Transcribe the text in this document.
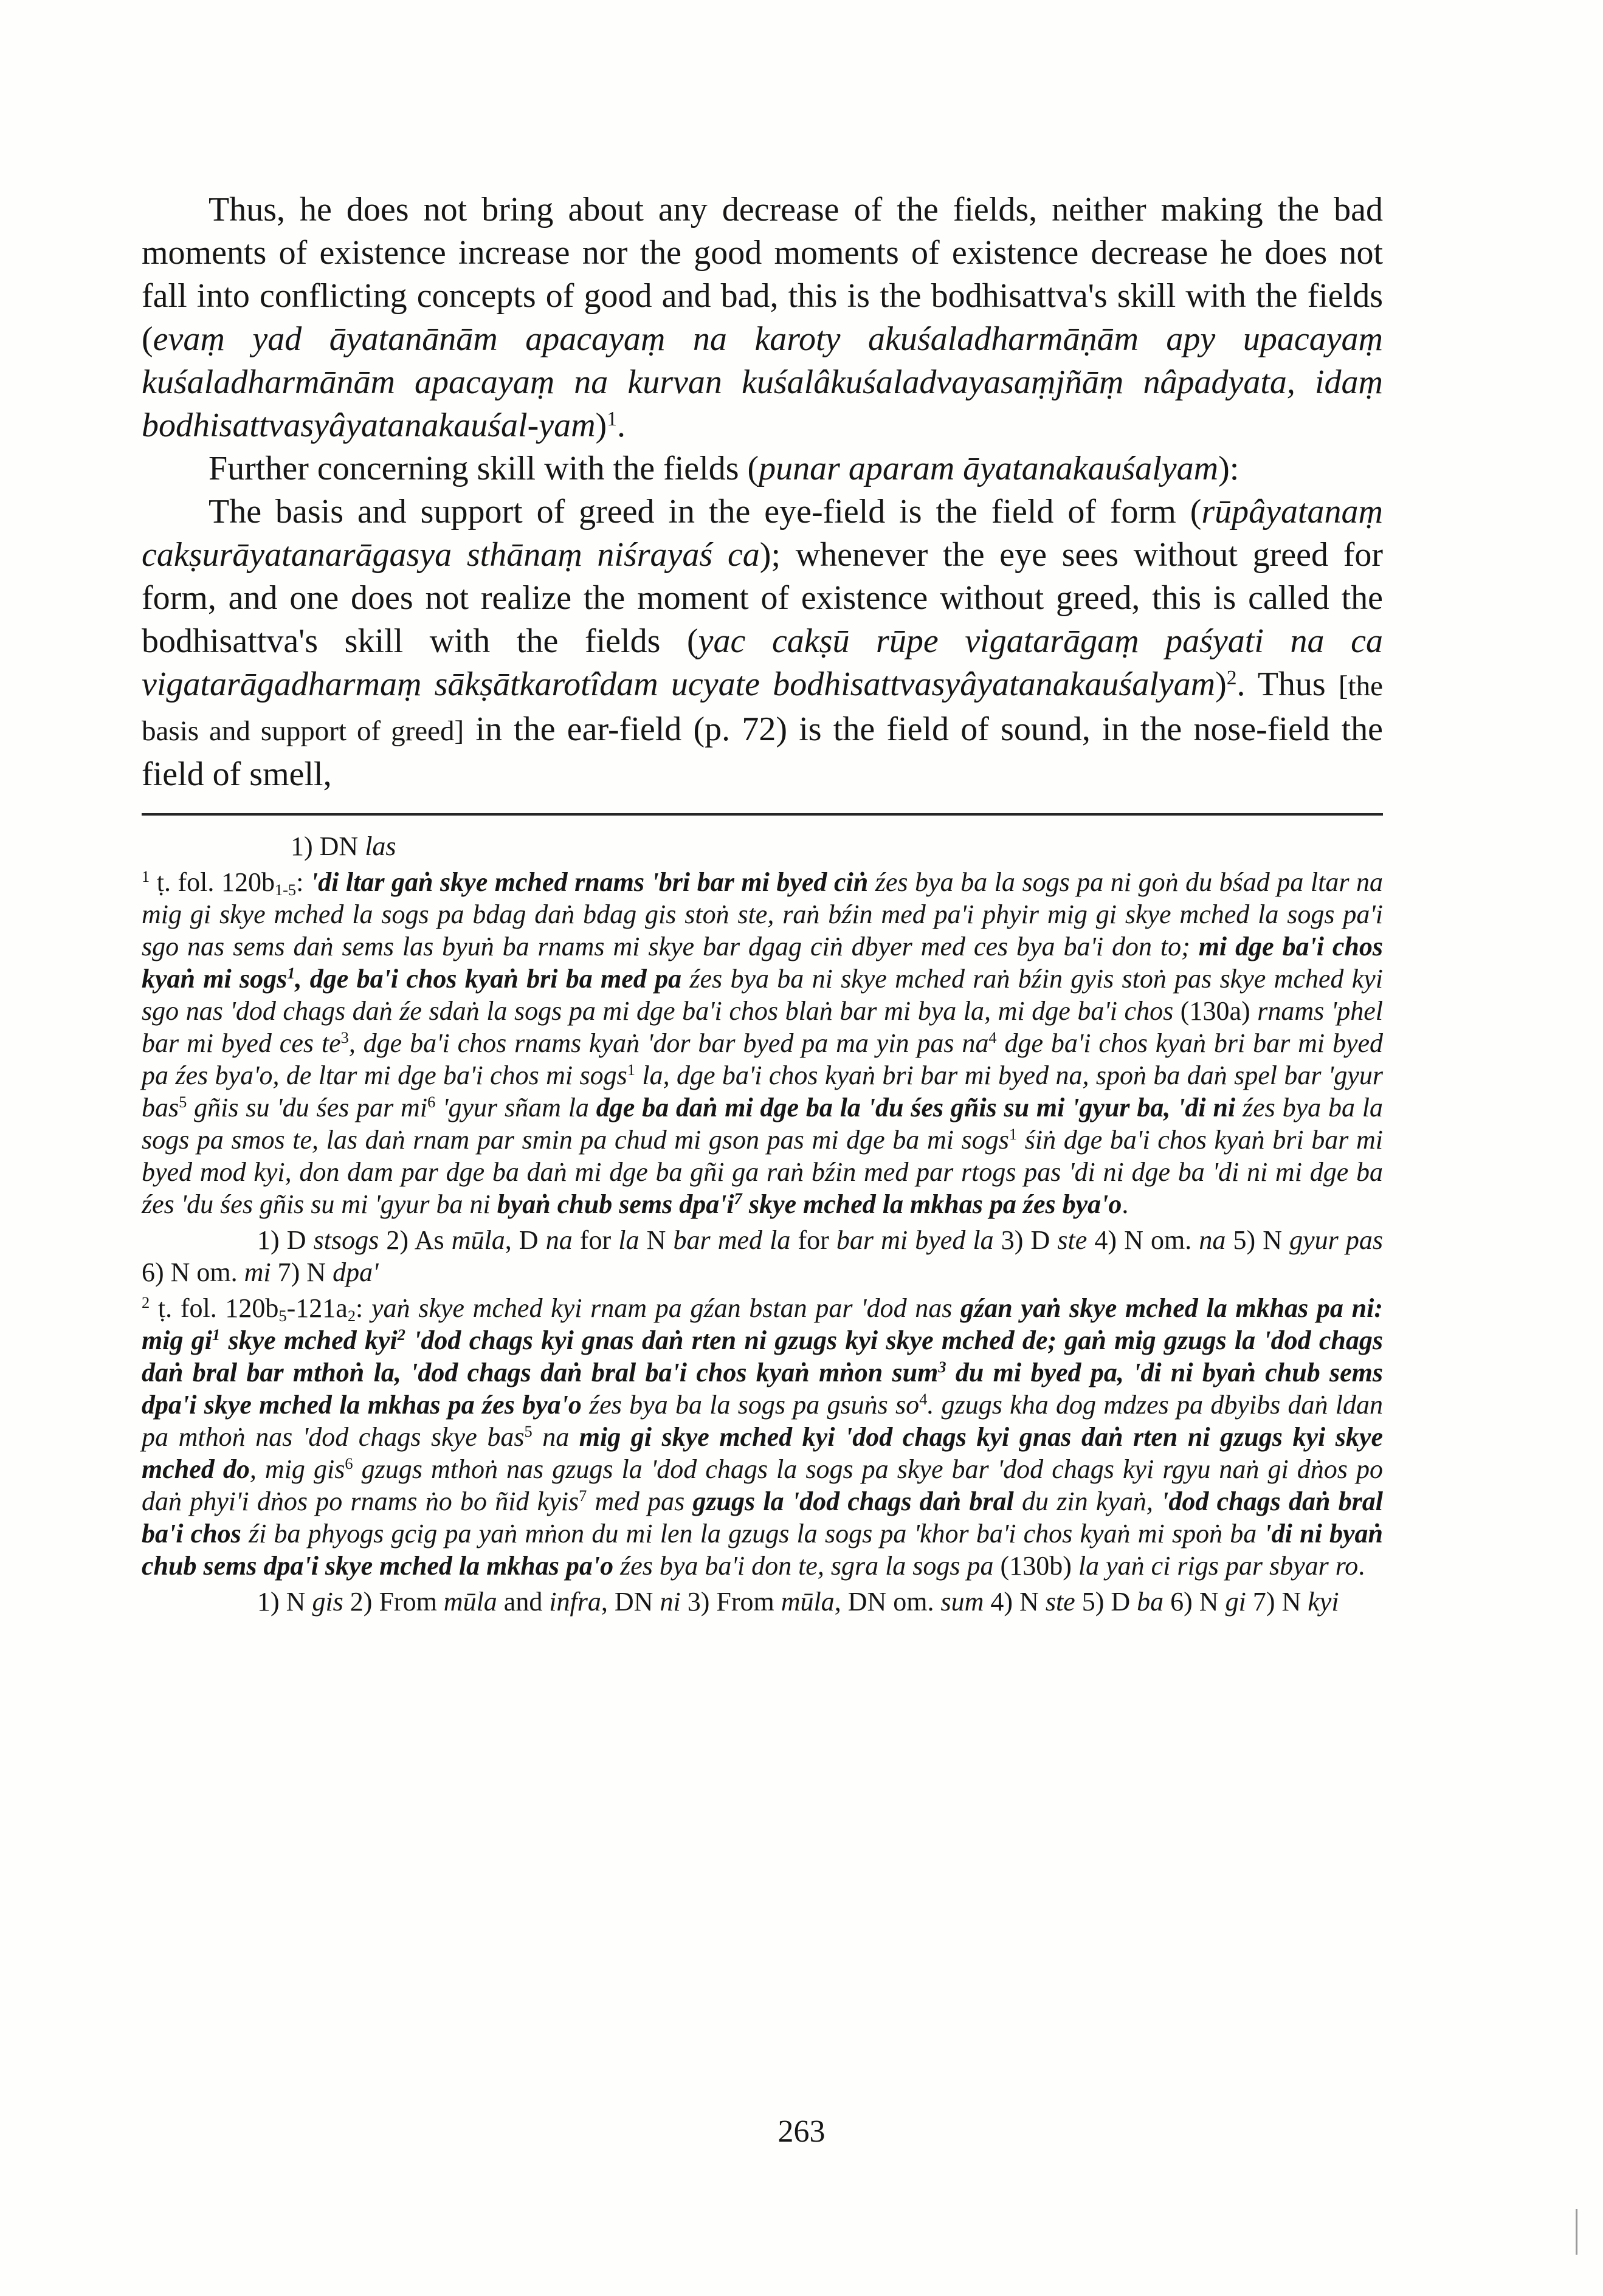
Thus, he does not bring about any decrease of the fields, neither making the bad moments of existence increase nor the good moments of existence decrease he does not fall into conflicting concepts of good and bad, this is the bodhisattva's skill with the fields (evaṃ yad āyatanānām apacayaṃ na karoty akuśaladharmāṇām apy upacayaṃ kuśaladharmānām apacayaṃ na kurvan kuśalâkuśaladvayasaṃjñāṃ nâpadyata, idaṃ bodhisattvasyâyatanakauśal-yam)$^1$.

Further concerning skill with the fields (punar aparam āyatanakauśalyam):

The basis and support of greed in the eye-field is the field of form (rūpâyatanaṃ cakṣurāyatanarāgasya sthānaṃ niśrayaś ca); whenever the eye sees without greed for form, and one does not realize the moment of existence without greed, this is called the bodhisattva's skill with the fields (yac cakṣū rūpe vigatarāgaṃ paśyati na ca vigatarāgadharmaṃ sākṣātkarotîdam ucyate bodhisattvasyâyatanakauśalyam)$^2$. Thus [the basis and support of greed] in the ear-field (p. 72) is the field of sound, in the nose-field the field of smell,

1) DN las

$^1$ ṭ. fol. 120b1-5: 'di ltar gaṅ skye mched rnams 'bri bar mi byed ciṅ źes bya ba la sogs pa ni goṅ du bśad pa ltar na mig gi skye mched la sogs pa bdag daṅ bdag gis stoṅ ste, raṅ bźin med pa'i phyir mig gi skye mched la sogs pa'i sgo nas sems daṅ sems las byuṅ ba rnams mi skye bar dgag ciṅ dbyer med ces bya ba'i don to; mi dge ba'i chos kyaṅ mi sogs$^1$, dge ba'i chos kyaṅ bri ba med pa źes bya ba ni skye mched raṅ bźin gyis stoṅ pas skye mched kyi sgo nas 'dod chags daṅ źe sdaṅ la sogs pa mi dge ba'i chos blaṅ bar mi bya la, mi dge ba'i chos (130a) rnams 'phel bar mi byed ces $te^3$, dge ba'i chos rnams kyaṅ 'dor bar byed pa ma yin pas $na^4$ dge ba'i chos kyaṅ bri bar mi byed pa źes bya'o, de ltar mi dge ba'i chos mi sogs$^1$ la, dge ba'i chos kyaṅ bri bar mi byed na, spoṅ ba daṅ spel bar 'gyur bas$^5$ gñis su 'du śes par $mi^6$ 'gyur sñam la dge ba daṅ mi dge ba la 'du śes gñis su mi 'gyur ba, 'di ni źes bya ba la sogs pa smos te, las daṅ rnam par smin pa chud mi gson pas mi dge ba mi sogs$^1$ śiṅ dge ba'i chos kyaṅ bri bar mi byed mod kyi, don dam par dge ba daṅ mi dge ba gñi ga raṅ bźin med par rtogs pas 'di ni dge ba 'di ni mi dge ba źes 'du śes gñis su mi 'gyur ba ni byaṅ chub sems $dpa'i^7$ skye mched la mkhas pa źes bya'o.

1) D stsogs 2) As mūla, D na for la N bar med la for bar mi byed la 3) D ste 4) N om. na 5) N gyur pas 6) N om. mi 7) N dpa'

$^2$ ṭ. fol. 120b5-121a2: yaṅ skye mched kyi rnam pa gźan bstan par 'dod nas gźan yaṅ skye mched la mkhas pa ni: mig $gi^1$ skye mched kyi$^2$ 'dod chags kyi gnas daṅ rten ni gzugs kyi skye mched de; gaṅ mig gzugs la 'dod chags daṅ bral bar mthoṅ la, 'dod chags daṅ bral ba'i chos kyaṅ mṅon sum$^3$ du mi byed pa, 'di ni byaṅ chub sems dpa'i skye mched la mkhas pa źes bya'o źes bya ba la sogs pa gsuṅs $so^4$. gzugs kha dog mdzes pa dbyibs daṅ ldan pa mthoṅ nas 'dod chags skye bas$^5$ na mig gi skye mched kyi 'dod chags kyi gnas daṅ rten ni gzugs kyi skye mched do, mig gis$^6$ gzugs mthoṅ nas gzugs la 'dod chags la sogs pa skye bar 'dod chags kyi rgyu naṅ gi dṅos po daṅ phyi'i dṅos po rnams ṅo bo ñid kyis$^7$ med pas gzugs la 'dod chags daṅ bral du zin kyaṅ, 'dod chags daṅ bral ba'i chos źi ba phyogs gcig pa yaṅ mṅon du mi len la gzugs la sogs pa 'khor ba'i chos kyaṅ mi spoṅ ba 'di ni byaṅ chub sems dpa'i skye mched la mkhas pa'o źes bya ba'i don te, sgra la sogs pa (130b) la yaṅ ci rigs par sbyar ro.

1) N gis 2) From mūla and infra, DN ni 3) From mūla, DN om. sum 4) N ste 5) D ba 6) N gi 7) N kyi

263
